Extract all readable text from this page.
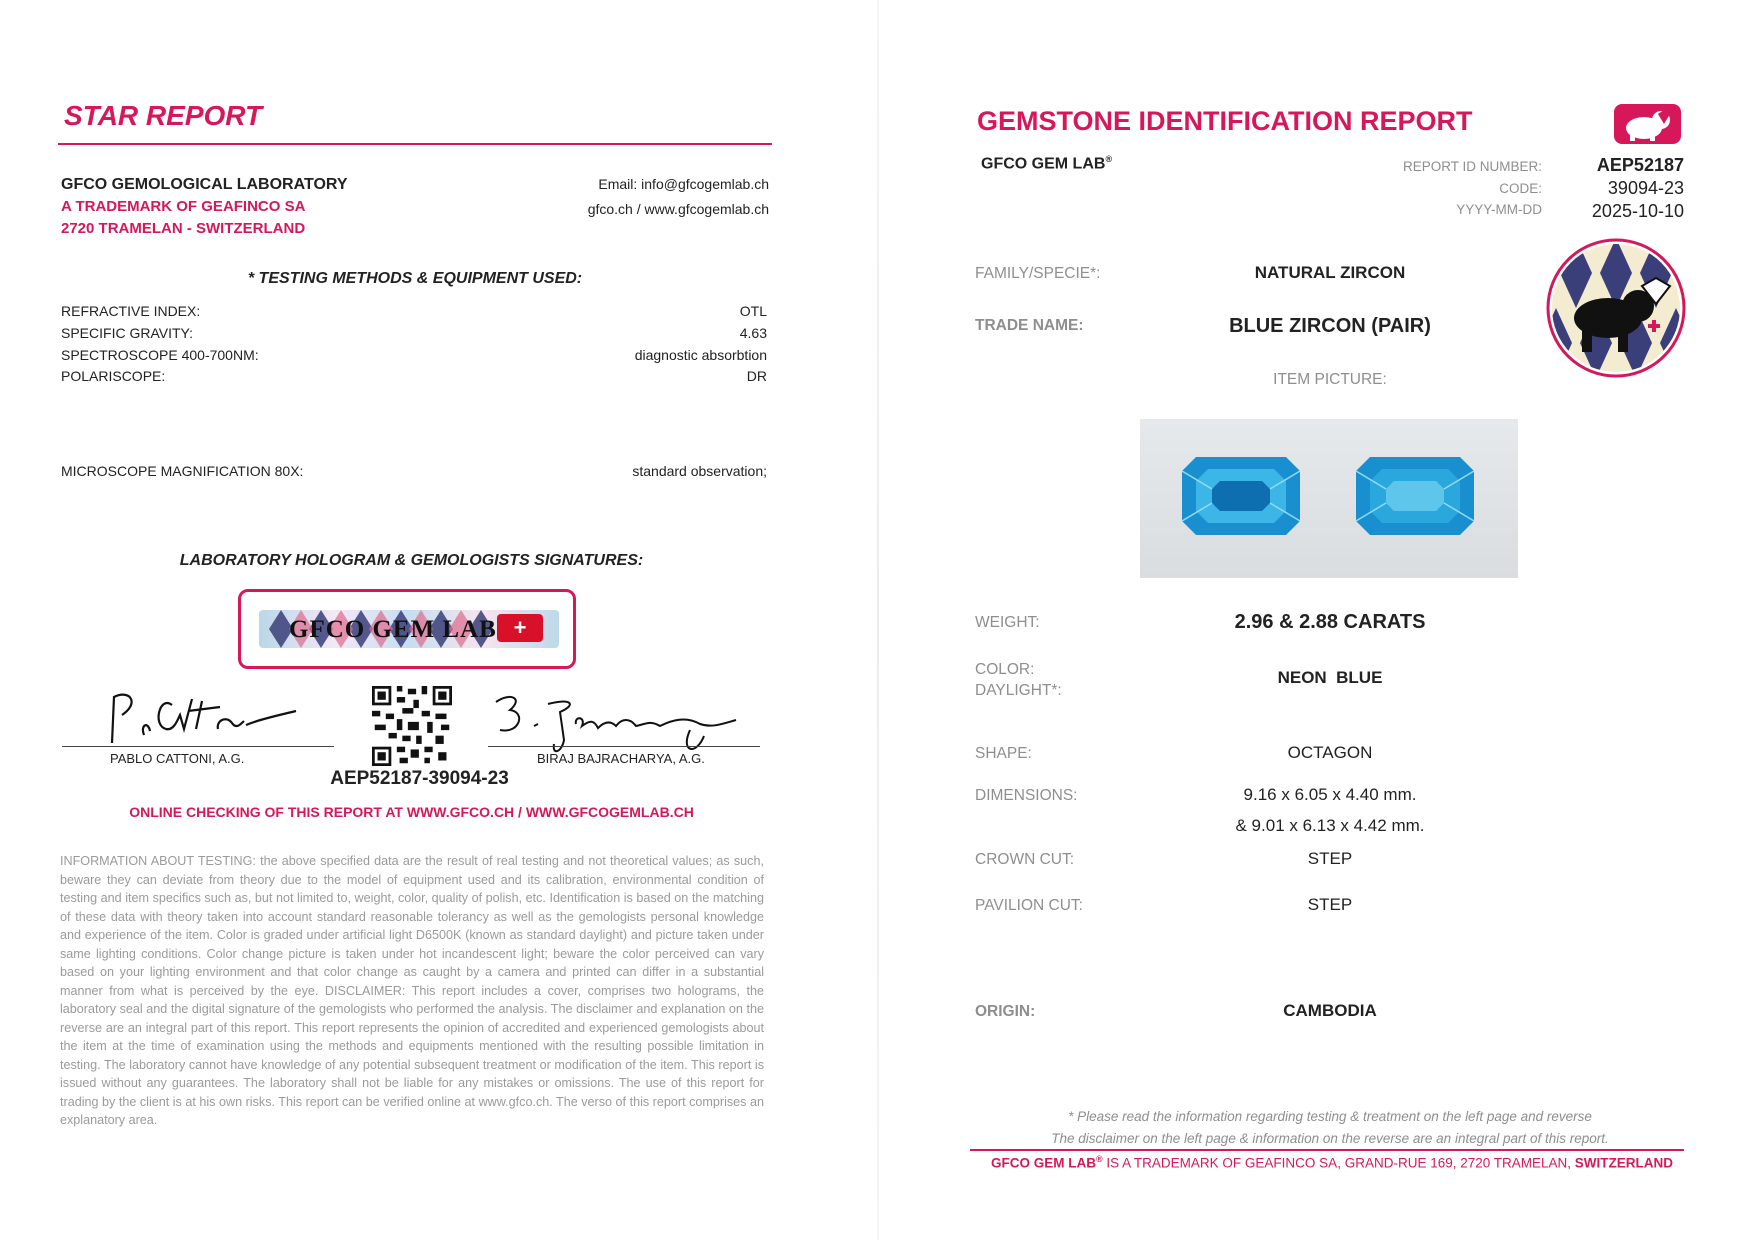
STAR REPORT
GFCO GEMOLOGICAL LABORATORY
A TRADEMARK OF GEAFINCO SA
2720 TRAMELAN - SWITZERLAND
Email: info@gfcogemlab.ch
gfco.ch / www.gfcogemlab.ch
* TESTING METHODS & EQUIPMENT USED:
REFRACTIVE INDEX:	OTL
SPECIFIC GRAVITY:	4.63
SPECTROSCOPE 400-700NM:	diagnostic absorbtion
POLARISCOPE:	DR
MICROSCOPE MAGNIFICATION 80X:	standard observation;
LABORATORY HOLOGRAM & GEMOLOGISTS SIGNATURES:
GFCO GEM LAB +
PABLO CATTONI, A.G.	BIRAJ BAJRACHARYA, A.G.
AEP52187-39094-23
ONLINE CHECKING OF THIS REPORT AT WWW.GFCO.CH / WWW.GFCOGEMLAB.CH
INFORMATION ABOUT TESTING: the above specified data are the result of real testing and not theoretical values; as such, beware they can deviate from theory due to the model of equipment used and its calibration, environmental condition of testing and item specifics such as, but not limited to, weight, color, quality of polish, etc. Identification is based on the matching of these data with theory taken into account standard reasonable tolerancy as well as the gemologists personal knowledge and experience of the item. Color is graded under artificial light D6500K (known as standard daylight) and picture taken under same lighting conditions. Color change picture is taken under hot incandescent light; beware the color perceived can vary based on your lighting environment and that color change as caught by a camera and printed can differ in a substantial manner from what is perceived by the eye. DISCLAIMER: This report includes a cover, comprises two holograms, the laboratory seal and the digital signature of the gemologists who performed the analysis. The disclaimer and explanation on the reverse are an integral part of this report. This report represents the opinion of accredited and experienced gemologists about the item at the time of examination using the methods and equipments mentioned with the resulting possible limitation in testing. The laboratory cannot have knowledge of any potential subsequent treatment or modification of the item. This report is issued without any guarantees. The laboratory shall not be liable for any mistakes or omissions. The use of this report for trading by the client is at his own risks. This report can be verified online at www.gfco.ch. The verso of this report comprises an explanatory area.
GEMSTONE IDENTIFICATION REPORT
GFCO GEM LAB®	REPORT ID NUMBER:	AEP52187
CODE:	39094-23
YYYY-MM-DD	2025-10-10
FAMILY/SPECIE*:	NATURAL ZIRCON
TRADE NAME:	BLUE ZIRCON (PAIR)
ITEM PICTURE:
WEIGHT:	2.96 & 2.88 CARATS
COLOR:
DAYLIGHT*:
NEON  BLUE
SHAPE:	OCTAGON
DIMENSIONS:	9.16 x 6.05 x 4.40 mm.
& 9.01 x 6.13 x 4.42 mm.
CROWN CUT:	STEP
PAVILION CUT:	STEP
ORIGIN:	CAMBODIA
* Please read the information regarding testing & treatment on the left page and reverse
The disclaimer on the left page & information on the reverse are an integral part of this report.
GFCO GEM LAB® IS A TRADEMARK OF GEAFINCO SA, GRAND-RUE 169, 2720 TRAMELAN, SWITZERLAND
